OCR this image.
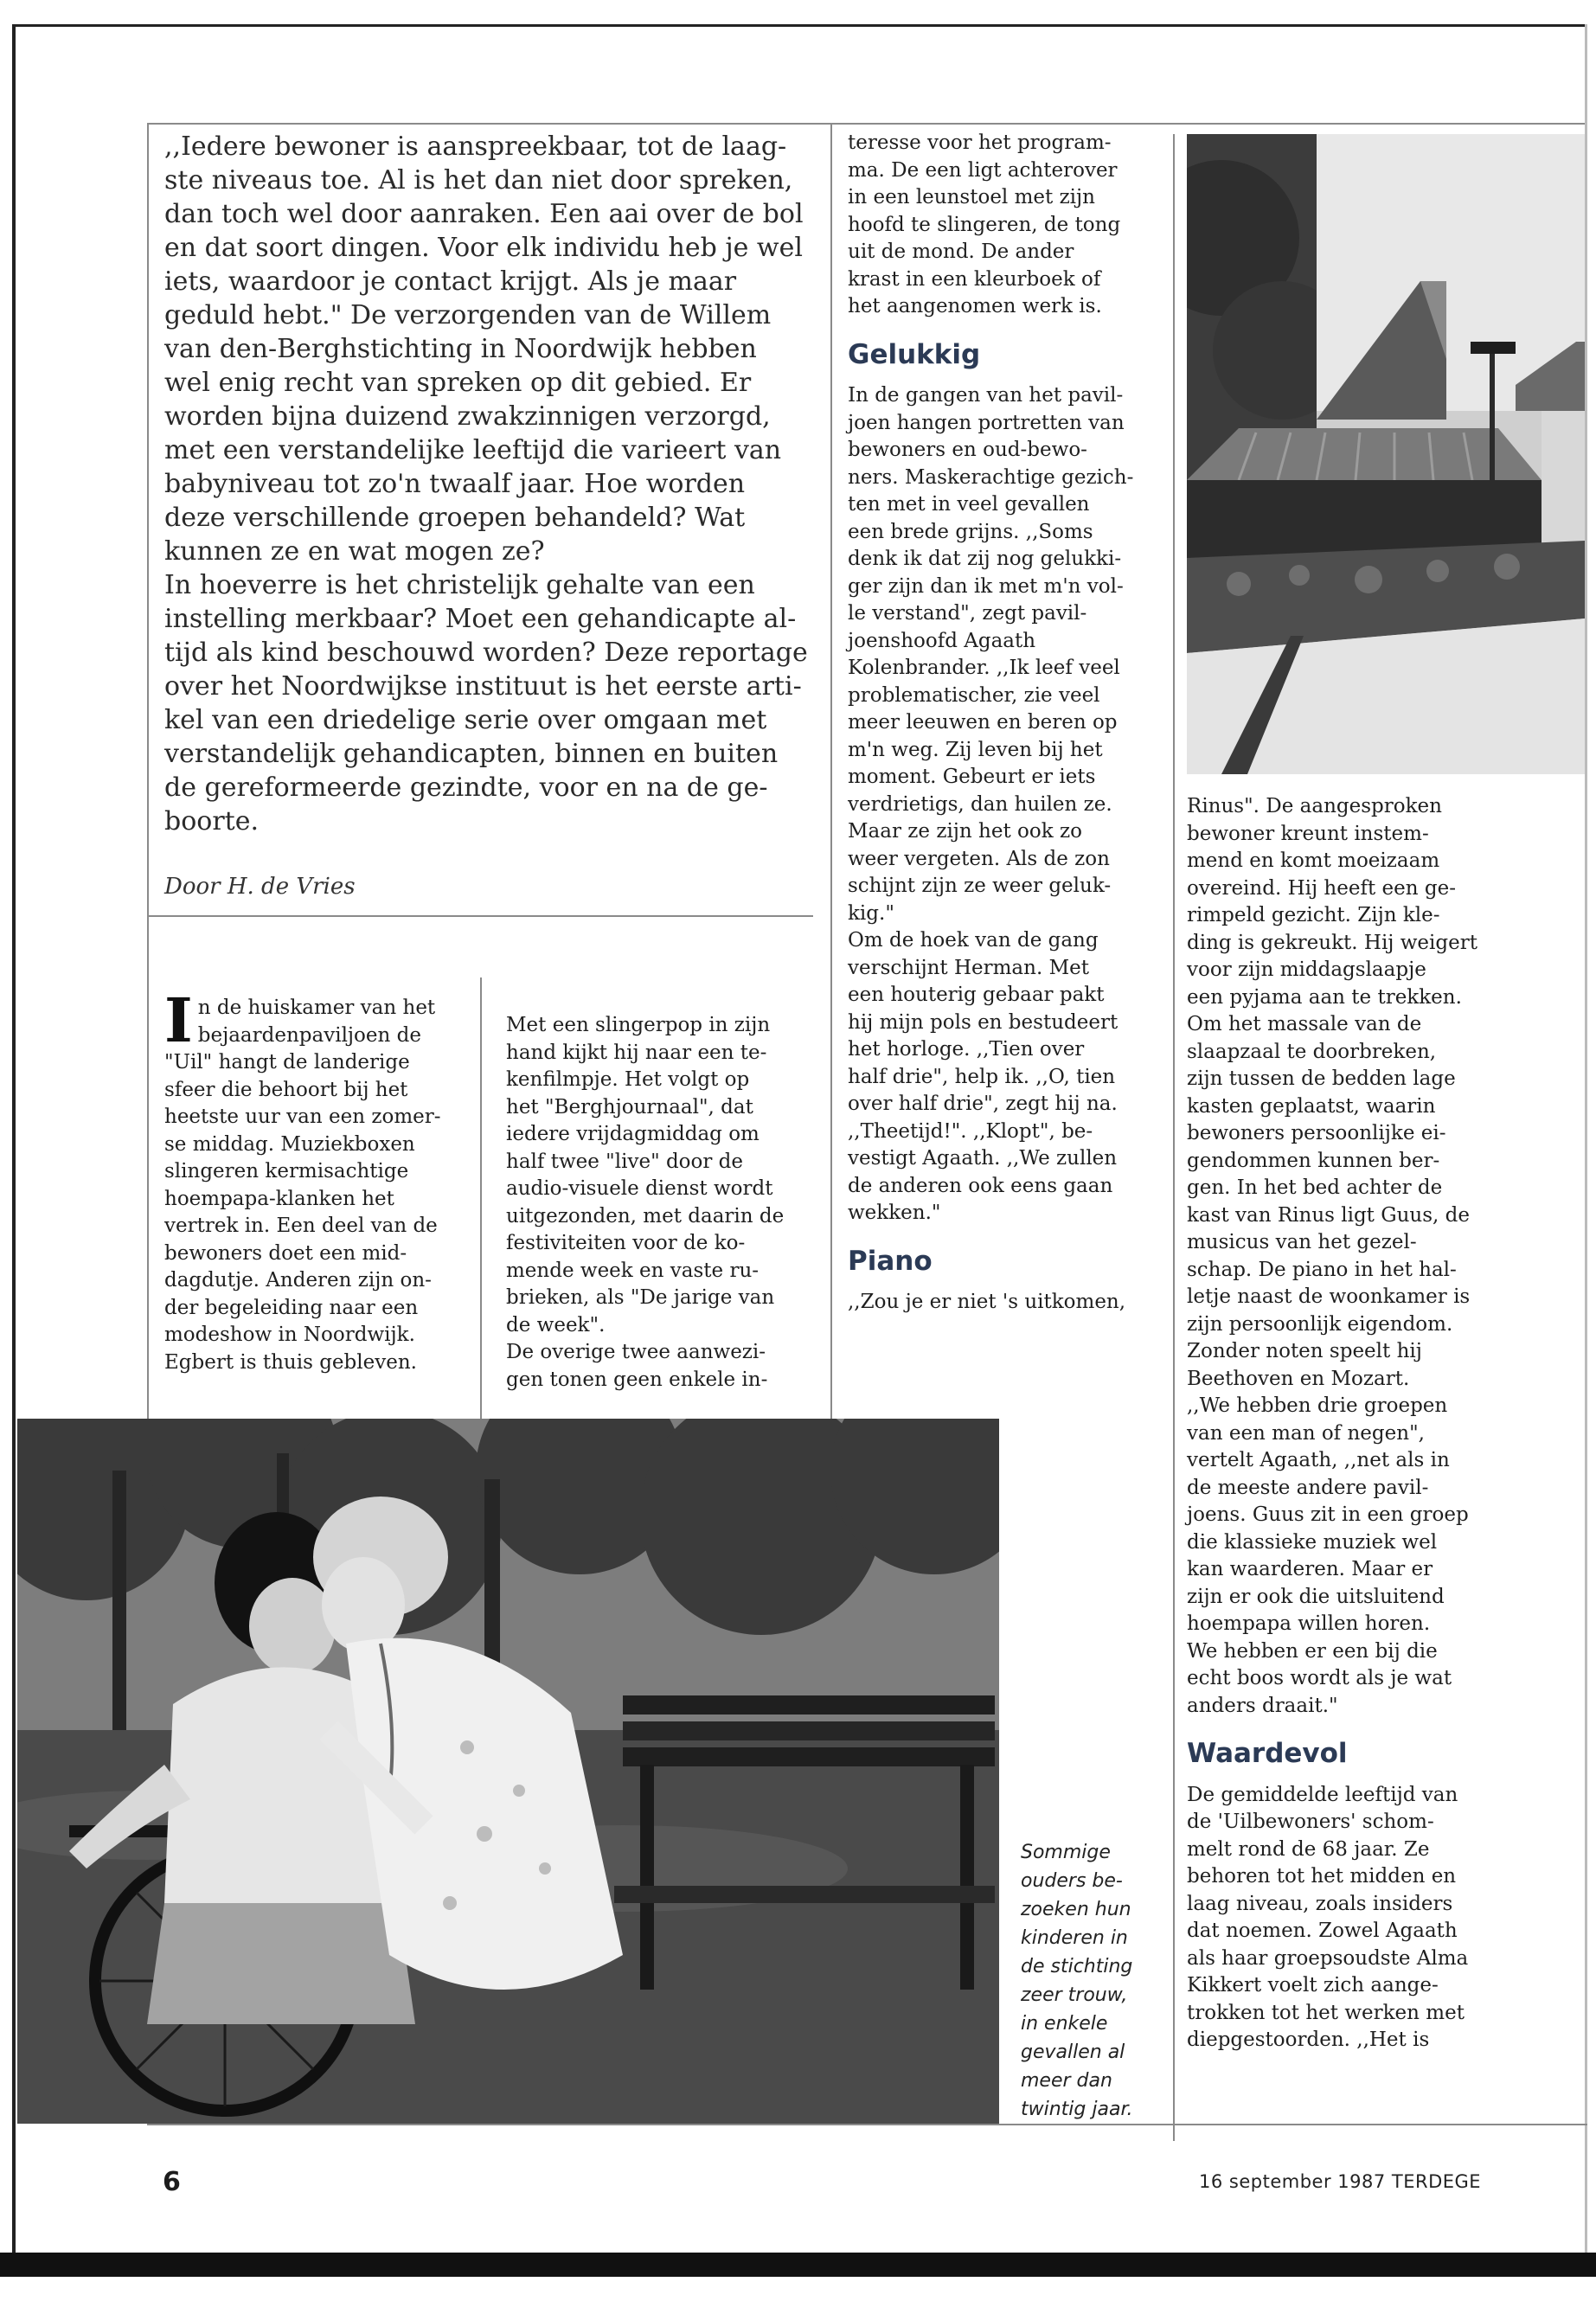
,,Iedere bewoner is aanspreekbaar, tot de laag-

ste niveaus toe. Al is het dan niet door spreken,

dan toch wel door aanraken. Een aai over de bol

en dat soort dingen. Voor elk individu heb je wel

iets, waardoor je contact krijgt. Als je maar

geduld hebt." De verzorgenden van de Willem

van den-Berghstichting in Noordwijk hebben

wel enig recht van spreken op dit gebied. Er

worden bijna duizend zwakzinnigen verzorgd,

met een verstandelijke leeftijd die varieert van

babyniveau tot zo'n twaalf jaar. Hoe worden

deze verschillende groepen behandeld? Wat

kunnen ze en wat mogen ze?

In hoeverre is het christelijk gehalte van een

instelling merkbaar? Moet een gehandicapte al-

tijd als kind beschouwd worden? Deze reportage

over het Noordwijkse instituut is het eerste arti-

kel van een driedelige serie over omgaan met

verstandelijk gehandicapten, binnen en buiten

de gereformeerde gezindte, voor en na de ge-

boorte.

Door H. de Vries
I n de huiskamer van het

bejaardenpaviljoen de

"Uil" hangt de landerige

sfeer die behoort bij het

heetste uur van een zomer-

se middag. Muziekboxen

slingeren kermisachtige

hoempapa-klanken het

vertrek in. Een deel van de

bewoners doet een mid-

dagdutje. Anderen zijn on-

der begeleiding naar een

modeshow in Noordwijk.

Egbert is thuis gebleven.

Met een slingerpop in zijn

hand kijkt hij naar een te-

kenfilmpje. Het volgt op

het "Berghjournaal", dat

iedere vrijdagmiddag om

half twee "live" door de

audio-visuele dienst wordt

uitgezonden, met daarin de

festiviteiten voor de ko-

mende week en vaste ru-

brieken, als "De jarige van

de week".

De overige twee aanwezi-

gen tonen geen enkele in-

teresse voor het program-

ma. De een ligt achterover

in een leunstoel met zijn

hoofd te slingeren, de tong

uit de mond. De ander

krast in een kleurboek of

het aangenomen werk is.

Gelukkig

In de gangen van het pavil-

joen hangen portretten van

bewoners en oud-bewo-

ners. Maskerachtige gezich-

ten met in veel gevallen

een brede grijns. ,,Soms

denk ik dat zij nog gelukki-

ger zijn dan ik met m'n vol-

le verstand", zegt pavil-

joenshoofd Agaath

Kolenbrander. ,,Ik leef veel

problematischer, zie veel

meer leeuwen en beren op

m'n weg. Zij leven bij het

moment. Gebeurt er iets

verdrietigs, dan huilen ze.

Maar ze zijn het ook zo

weer vergeten. Als de zon

schijnt zijn ze weer geluk-

kig."

Om de hoek van de gang

verschijnt Herman. Met

een houterig gebaar pakt

hij mijn pols en bestudeert

het horloge. ,,Tien over

half drie", help ik. ,,O, tien

over half drie", zegt hij na.

,,Theetijd!". ,,Klopt", be-

vestigt Agaath. ,,We zullen

de anderen ook eens gaan

wekken."

Piano

,,Zou je er niet 's uitkomen,

Rinus". De aangesproken

bewoner kreunt instem-

mend en komt moeizaam

overeind. Hij heeft een ge-

rimpeld gezicht. Zijn kle-

ding is gekreukt. Hij weigert

voor zijn middagslaapje

een pyjama aan te trekken.

Om het massale van de

slaapzaal te doorbreken,

zijn tussen de bedden lage

kasten geplaatst, waarin

bewoners persoonlijke ei-

gendommen kunnen ber-

gen. In het bed achter de

kast van Rinus ligt Guus, de

musicus van het gezel-

schap. De piano in het hal-

letje naast de woonkamer is

zijn persoonlijk eigendom.

Zonder noten speelt hij

Beethoven en Mozart.

,,We hebben drie groepen

van een man of negen",

vertelt Agaath, ,,net als in

de meeste andere pavil-

joens. Guus zit in een groep

die klassieke muziek wel

kan waarderen. Maar er

zijn er ook die uitsluitend

hoempapa willen horen.

We hebben er een bij die

echt boos wordt als je wat

anders draait."

Waardevol

De gemiddelde leeftijd van

de 'Uilbewoners' schom-

melt rond de 68 jaar. Ze

behoren tot het midden en

laag niveau, zoals insiders

dat noemen. Zowel Agaath

als haar groepsoudste Alma

Kikkert voelt zich aange-

trokken tot het werken met

diepgestoorden. ,,Het is

Sommige
ouders be-
zoeken hun
kinderen in
de stichting
zeer trouw,
in enkele
gevallen al
meer dan
twintig jaar.
6	16 september 1987 TERDEGE
